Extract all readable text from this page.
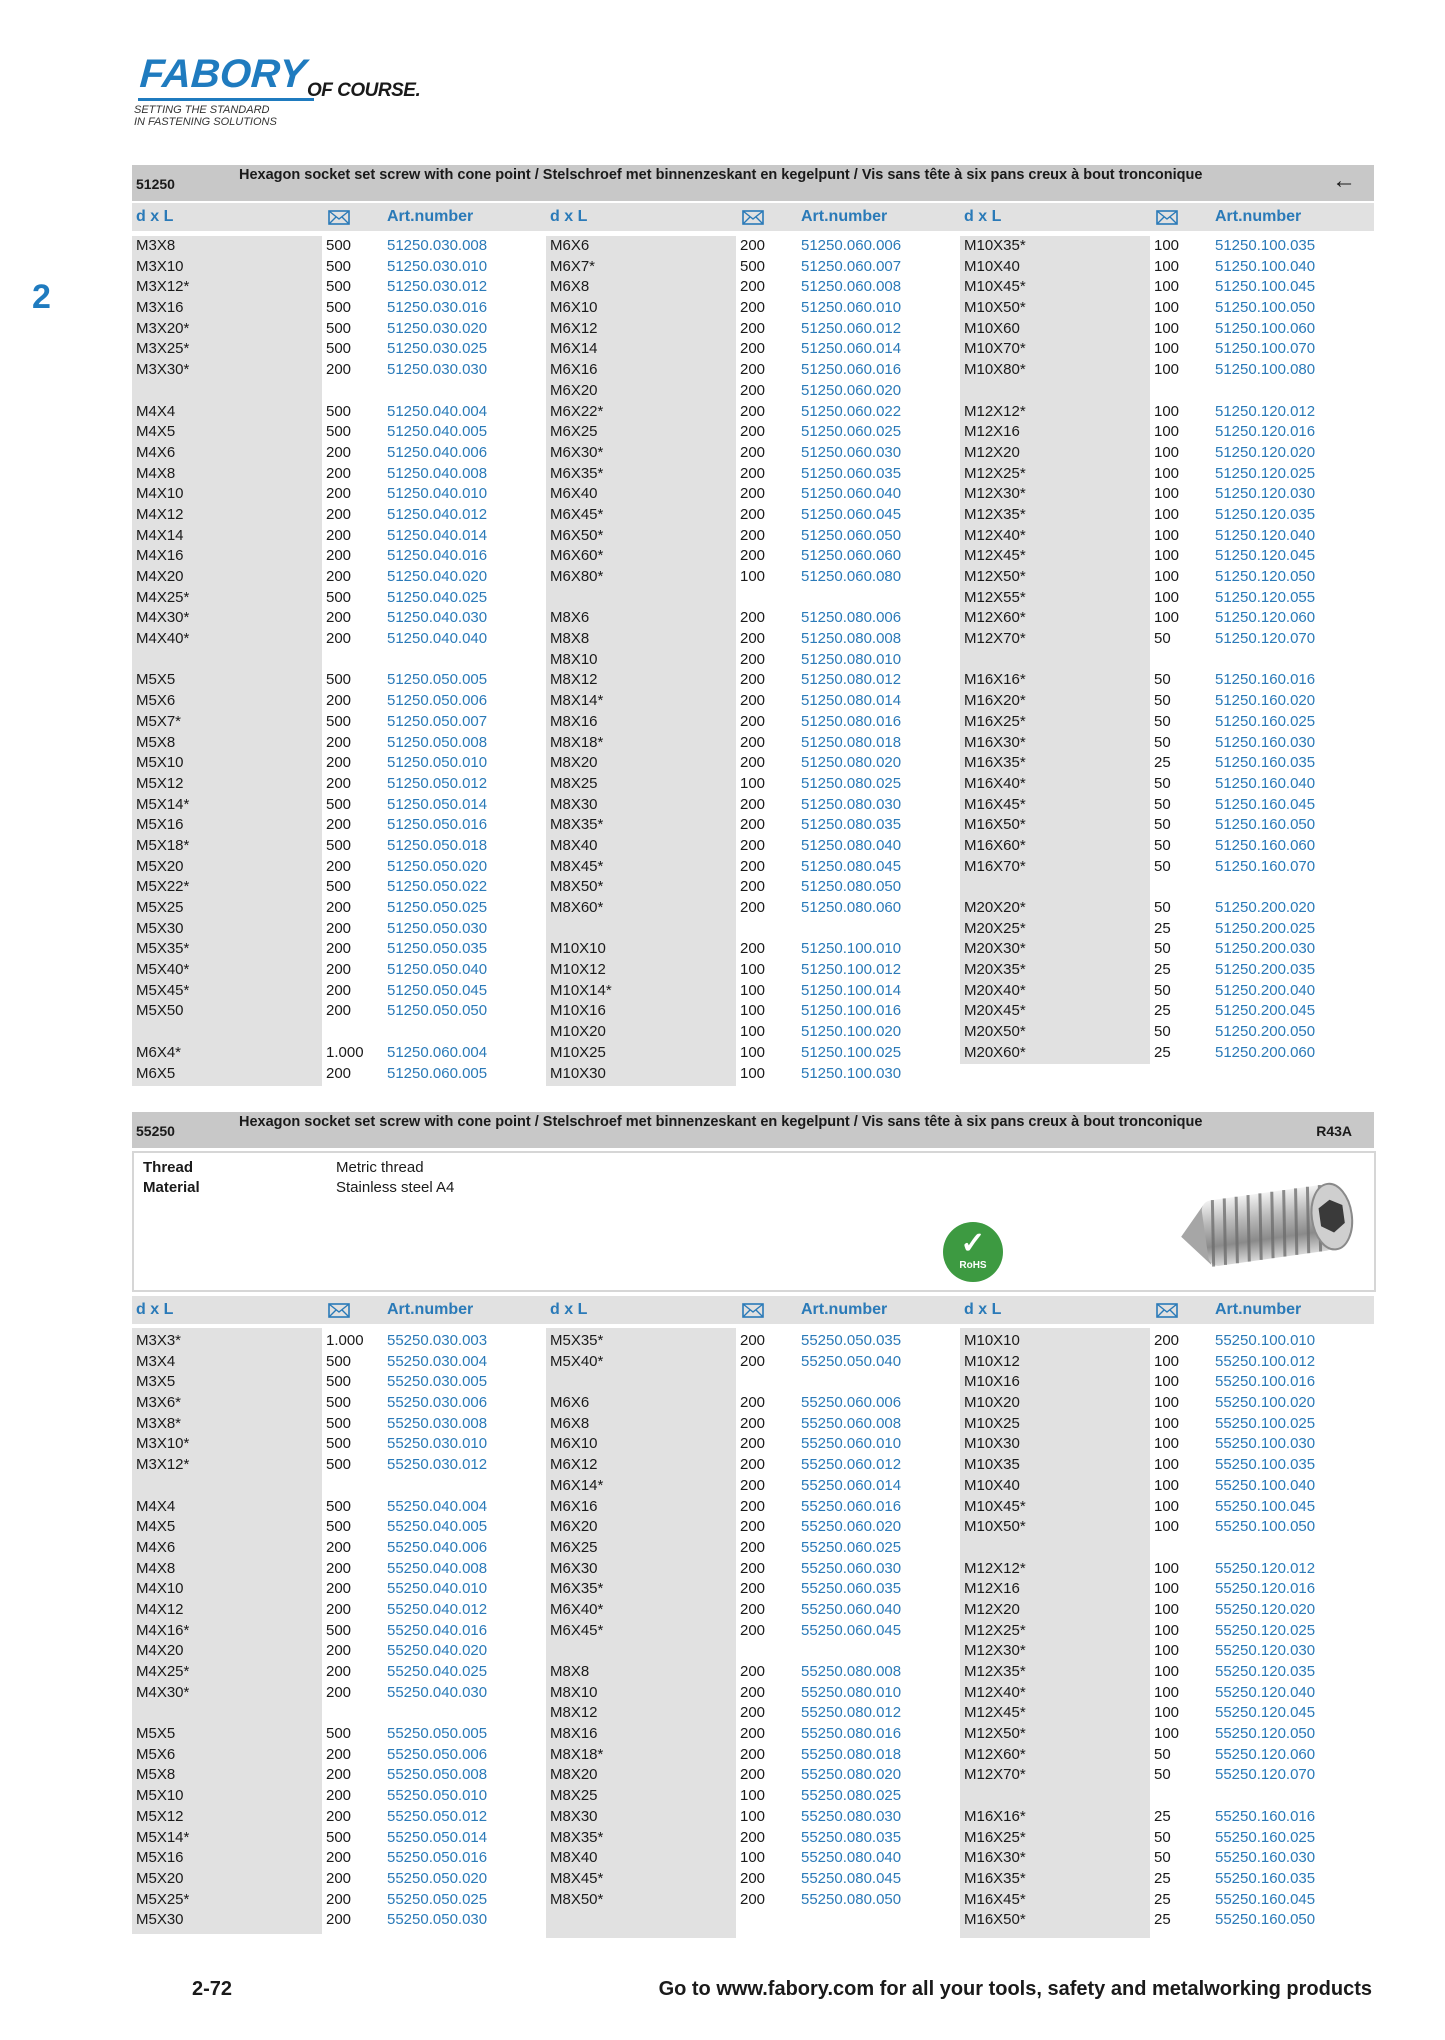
FABORY OF COURSE.
SETTING THE STANDARD
IN FASTENING SOLUTIONS
2
51250
Hexagon socket set screw with cone point / Stelschroef met binnenzeskant en kegelpunt / Vis sans tête à six pans creux à bout tronconique	←
d x L	Art.number	d x L	Art.number	d x L	Art.number
M3X8	500 51250.030.008
M3X10	500 51250.030.010
M3X12*	500 51250.030.012
M3X16	500 51250.030.016
M3X20*	500 51250.030.020
M3X25*	500 51250.030.025
M3X30*	200 51250.030.030
M4X4	500 51250.040.004
M4X5	500 51250.040.005
M4X6	200 51250.040.006
M4X8	200 51250.040.008
M4X10	200 51250.040.010
M4X12	200 51250.040.012
M4X14	200 51250.040.014
M4X16	200 51250.040.016
M4X20	200 51250.040.020
M4X25*	500 51250.040.025
M4X30*	200 51250.040.030
M4X40*	200 51250.040.040
M5X5	500 51250.050.005
M5X6	200 51250.050.006
M5X7*	500 51250.050.007
M5X8	200 51250.050.008
M5X10	200 51250.050.010
M5X12	200 51250.050.012
M5X14*	500 51250.050.014
M5X16	200 51250.050.016
M5X18*	500 51250.050.018
M5X20	200 51250.050.020
M5X22*	500 51250.050.022
M5X25	200 51250.050.025
M5X30	200 51250.050.030
M5X35*	200 51250.050.035
M5X40*	200 51250.050.040
M5X45*	200 51250.050.045
M5X50	200 51250.050.050
M6X4*	1.000 51250.060.004
M6X5	200 51250.060.005
M6X6	200 51250.060.006
M6X7*	500 51250.060.007
M6X8	200 51250.060.008
M6X10	200 51250.060.010
M6X12	200 51250.060.012
M6X14	200 51250.060.014
M6X16	200 51250.060.016
M6X20	200 51250.060.020
M6X22*	200 51250.060.022
M6X25	200 51250.060.025
M6X30*	200 51250.060.030
M6X35*	200 51250.060.035
M6X40	200 51250.060.040
M6X45*	200 51250.060.045
M6X50*	200 51250.060.050
M6X60*	200 51250.060.060
M6X80*	100 51250.060.080
M8X6	200 51250.080.006
M8X8	200 51250.080.008
M8X10	200 51250.080.010
M8X12	200 51250.080.012
M8X14*	200 51250.080.014
M8X16	200 51250.080.016
M8X18*	200 51250.080.018
M8X20	200 51250.080.020
M8X25	100 51250.080.025
M8X30	200 51250.080.030
M8X35*	200 51250.080.035
M8X40	200 51250.080.040
M8X45*	200 51250.080.045
M8X50*	200 51250.080.050
M8X60*	200 51250.080.060
M10X10	200 51250.100.010
M10X12	100 51250.100.012
M10X14*	100 51250.100.014
M10X16	100 51250.100.016
M10X20	100 51250.100.020
M10X25	100 51250.100.025
M10X30	100 51250.100.030
M10X35*	100 51250.100.035
M10X40	100 51250.100.040
M10X45*	100 51250.100.045
M10X50*	100 51250.100.050
M10X60	100 51250.100.060
M10X70*	100 51250.100.070
M10X80*	100 51250.100.080
M12X12*	100 51250.120.012
M12X16	100 51250.120.016
M12X20	100 51250.120.020
M12X25*	100 51250.120.025
M12X30*	100 51250.120.030
M12X35*	100 51250.120.035
M12X40*	100 51250.120.040
M12X45*	100 51250.120.045
M12X50*	100 51250.120.050
M12X55*	100 51250.120.055
M12X60*	100 51250.120.060
M12X70*	50	51250.120.070
M16X16*	50	51250.160.016
M16X20*	50	51250.160.020
M16X25*	50	51250.160.025
M16X30*	50	51250.160.030
M16X35*	25	51250.160.035
M16X40*	50	51250.160.040
M16X45*	50	51250.160.045
M16X50*	50	51250.160.050
M16X60*	50	51250.160.060
M16X70*	50	51250.160.070
M20X20*	50	51250.200.020
M20X25*	25	51250.200.025
M20X30*	50	51250.200.030
M20X35*	25	51250.200.035
M20X40*	50	51250.200.040
M20X45*	25	51250.200.045
M20X50*	50	51250.200.050
M20X60*	25	51250.200.060
55250
Hexagon socket set screw with cone point / Stelschroef met binnenzeskant en kegelpunt / Vis sans tête à six pans creux à bout tronconique
R43A
Thread	Metric thread
Material	Stainless steel A4
✓
RoHS
d x L	Art.number	d x L	Art.number	d x L	Art.number
M3X3*	1.000 55250.030.003
M3X4	500 55250.030.004
M3X5	500 55250.030.005
M3X6*	500 55250.030.006
M3X8*	500 55250.030.008
M3X10*	500 55250.030.010
M3X12*	500 55250.030.012
M4X4	500 55250.040.004
M4X5	500 55250.040.005
M4X6	200 55250.040.006
M4X8	200 55250.040.008
M4X10	200 55250.040.010
M4X12	200 55250.040.012
M4X16*	500 55250.040.016
M4X20	200 55250.040.020
M4X25*	200 55250.040.025
M4X30*	200 55250.040.030
M5X5	500 55250.050.005
M5X6	200 55250.050.006
M5X8	200 55250.050.008
M5X10	200 55250.050.010
M5X12	200 55250.050.012
M5X14*	500 55250.050.014
M5X16	200 55250.050.016
M5X20	200 55250.050.020
M5X25*	200 55250.050.025
M5X30	200 55250.050.030
M5X35*	200 55250.050.035
M5X40*	200 55250.050.040
M6X6	200 55250.060.006
M6X8	200 55250.060.008
M6X10	200 55250.060.010
M6X12	200 55250.060.012
M6X14*	200 55250.060.014
M6X16	200 55250.060.016
M6X20	200 55250.060.020
M6X25	200 55250.060.025
M6X30	200 55250.060.030
M6X35*	200 55250.060.035
M6X40*	200 55250.060.040
M6X45*	200 55250.060.045
M8X8	200 55250.080.008
M8X10	200 55250.080.010
M8X12	200 55250.080.012
M8X16	200 55250.080.016
M8X18*	200 55250.080.018
M8X20	200 55250.080.020
M8X25	100 55250.080.025
M8X30	100 55250.080.030
M8X35*	200 55250.080.035
M8X40	100 55250.080.040
M8X45*	200 55250.080.045
M8X50*	200 55250.080.050
M10X10	200 55250.100.010
M10X12	100 55250.100.012
M10X16	100 55250.100.016
M10X20	100 55250.100.020
M10X25	100 55250.100.025
M10X30	100 55250.100.030
M10X35	100 55250.100.035
M10X40	100 55250.100.040
M10X45*	100 55250.100.045
M10X50*	100 55250.100.050
M12X12*	100 55250.120.012
M12X16	100 55250.120.016
M12X20	100 55250.120.020
M12X25*	100 55250.120.025
M12X30*	100 55250.120.030
M12X35*	100 55250.120.035
M12X40*	100 55250.120.040
M12X45*	100 55250.120.045
M12X50*	100 55250.120.050
M12X60*	50	55250.120.060
M12X70*	50	55250.120.070
M16X16*	25	55250.160.016
M16X25*	50	55250.160.025
M16X30*	50	55250.160.030
M16X35*	25	55250.160.035
M16X45*	25	55250.160.045
M16X50*	25	55250.160.050
2-72	Go to www.fabory.com for all your tools, safety and metalworking products
